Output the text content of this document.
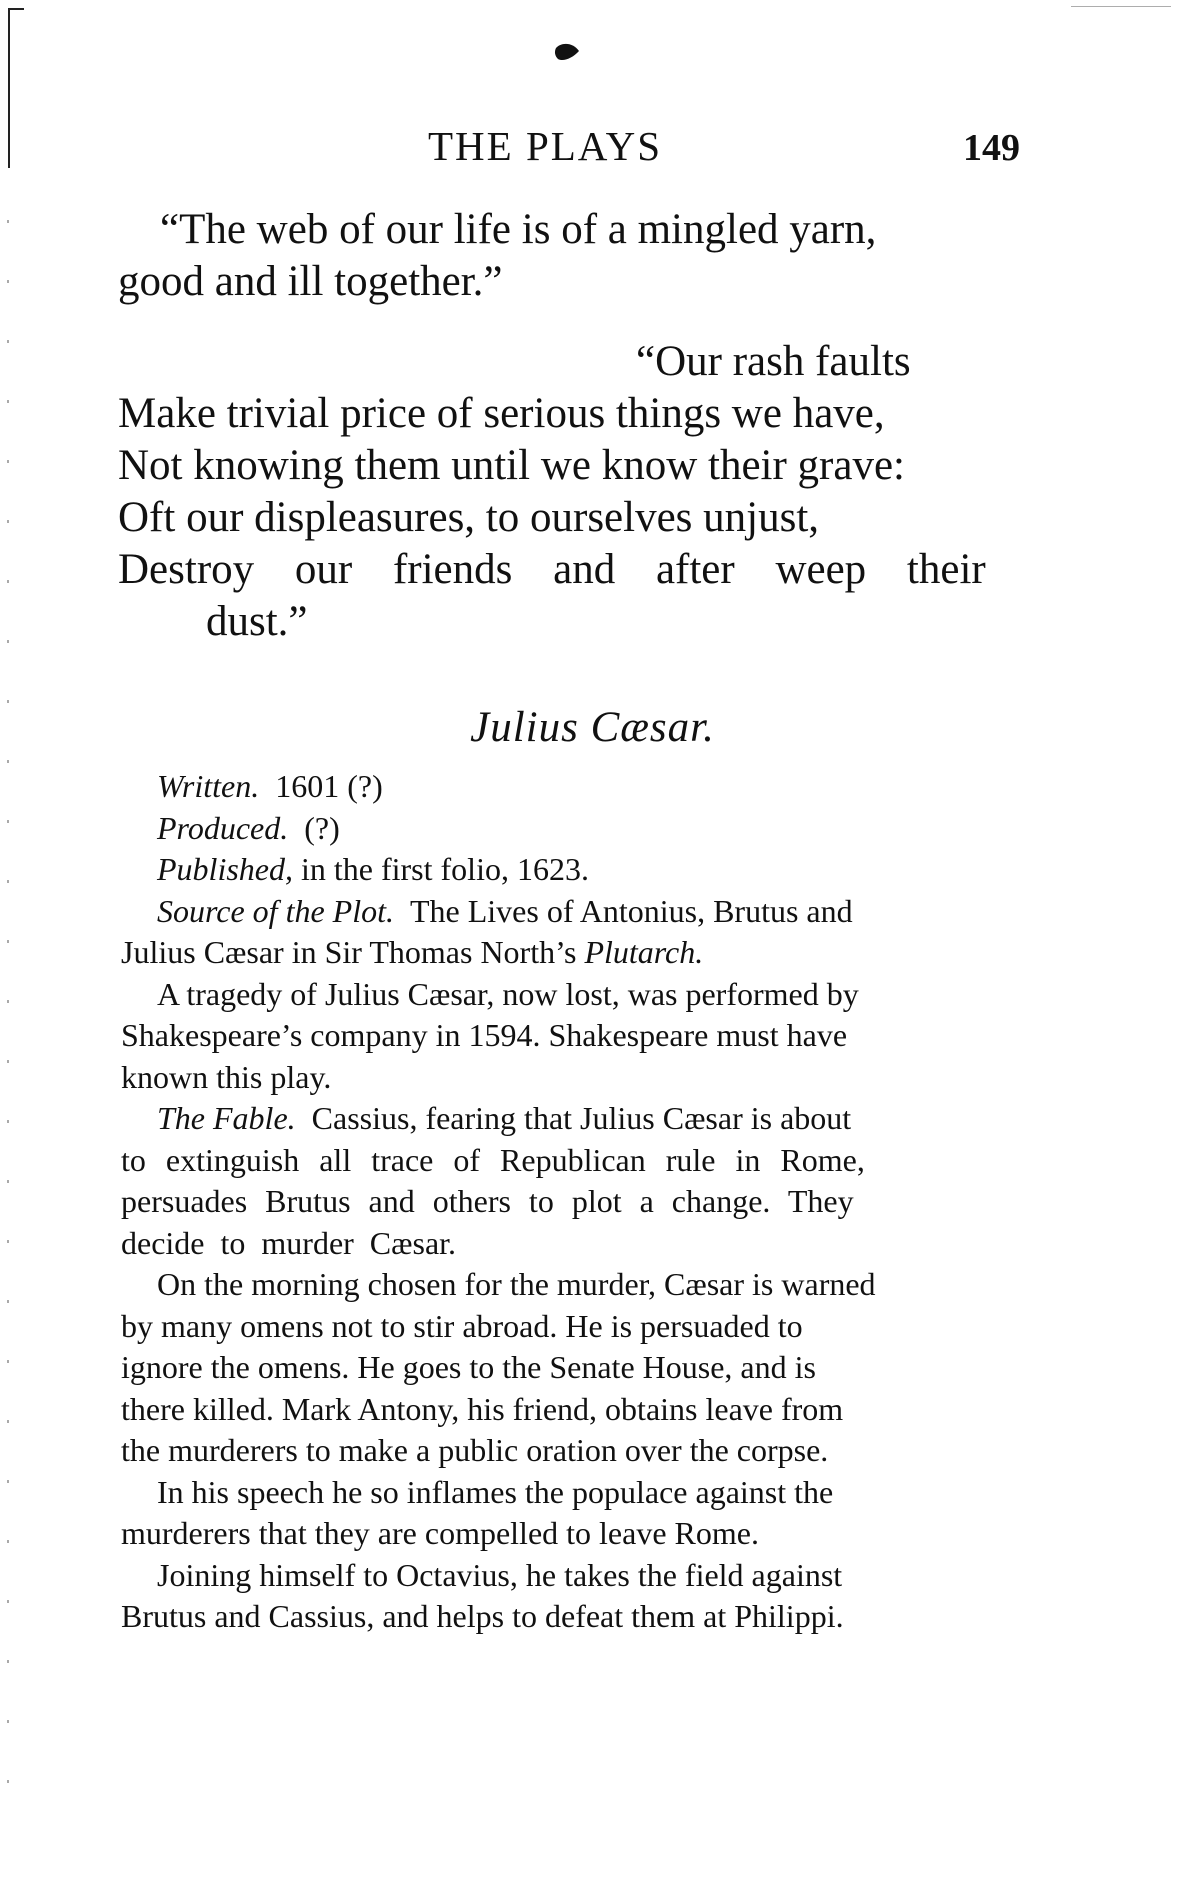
THE PLAYS	149
“The web of our life is of a mingled yarn,
good and ill together.”
“Our rash faults
Make trivial price of serious things we have,
Not knowing them until we know their grave:
Oft our displeasures, to ourselves unjust,
Destroy our friends and after weep their
dust.”
Julius Cæsar.
Written. 1601 (?)
Produced. (?)
Published, in the first folio, 1623.
Source of the Plot. The Lives of Antonius, Brutus and
Julius Cæsar in Sir Thomas North’s Plutarch.
A tragedy of Julius Cæsar, now lost, was performed by
Shakespeare’s company in 1594. Shakespeare must have
known this play.
The Fable. Cassius, fearing that Julius Cæsar is about
to extinguish all trace of Republican rule in Rome,
persuades Brutus and others to plot a change. They
decide to murder Cæsar.
On the morning chosen for the murder, Cæsar is warned
by many omens not to stir abroad. He is persuaded to
ignore the omens. He goes to the Senate House, and is
there killed. Mark Antony, his friend, obtains leave from
the murderers to make a public oration over the corpse.
In his speech he so inflames the populace against the
murderers that they are compelled to leave Rome.
Joining himself to Octavius, he takes the field against
Brutus and Cassius, and helps to defeat them at Philippi.
